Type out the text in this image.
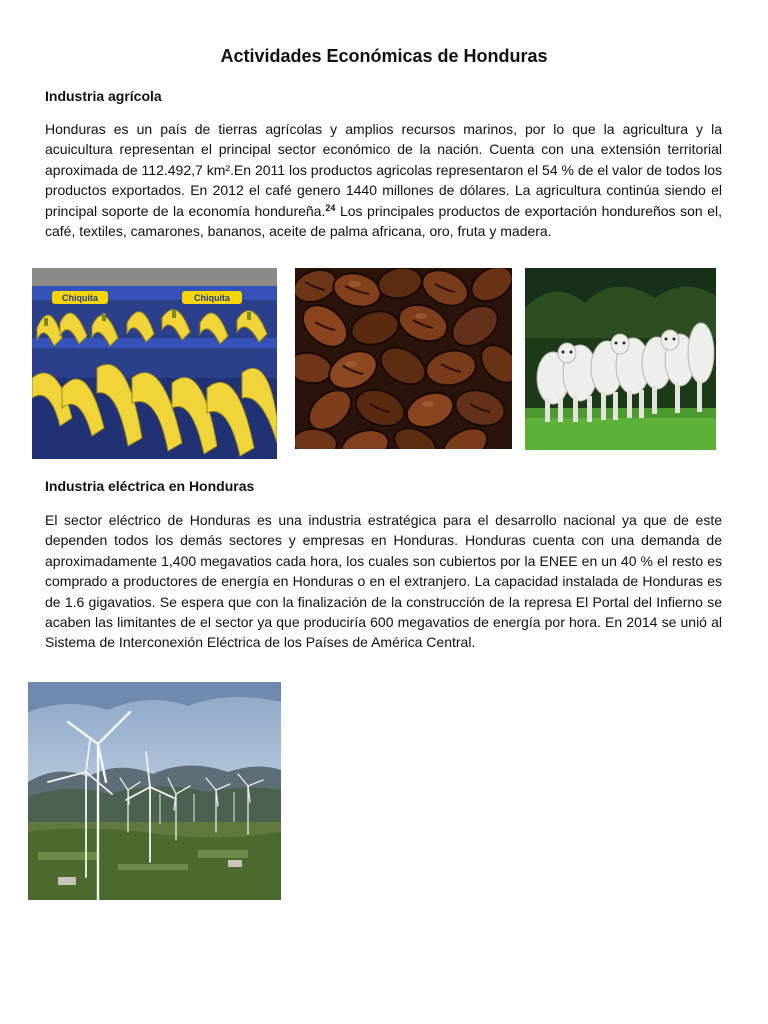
Actividades Económicas de Honduras
Industria agrícola

Honduras es un país de tierras agrícolas y amplios recursos marinos, por lo que la agricultura y la acuicultura representan el principal sector económico de la nación. Cuenta con una extensión territorial aproximada de 112.492,7 km².En 2011 los productos agricolas representaron el 54 % de el valor de todos los productos exportados. En 2012 el café genero 1440 millones de dólares. La agricultura continúa siendo el principal soporte de la economía hondureña.$^{24}$ Los principales productos de exportación hondureños son el, café, textiles, camarones, bananos, aceite de palma africana, oro, fruta y madera.

Chiquita	Chiquita
Industria eléctrica en Honduras

El sector eléctrico de Honduras es una industria estratégica para el desarrollo nacional ya que de este dependen todos los demás sectores y empresas en Honduras. Honduras cuenta con una demanda de aproximadamente 1,400 megavatios cada hora, los cuales son cubiertos por la ENEE en un 40 % el resto es comprado a productores de energía en Honduras o en el extranjero. La capacidad instalada de Honduras es de 1.6 gigavatios. Se espera que con la finalización de la construcción de la represa El Portal del Infierno se acaben las limitantes de el sector ya que produciría 600 megavatios de energía por hora. En 2014 se unió al Sistema de Interconexión Eléctrica de los Países de América Central.
